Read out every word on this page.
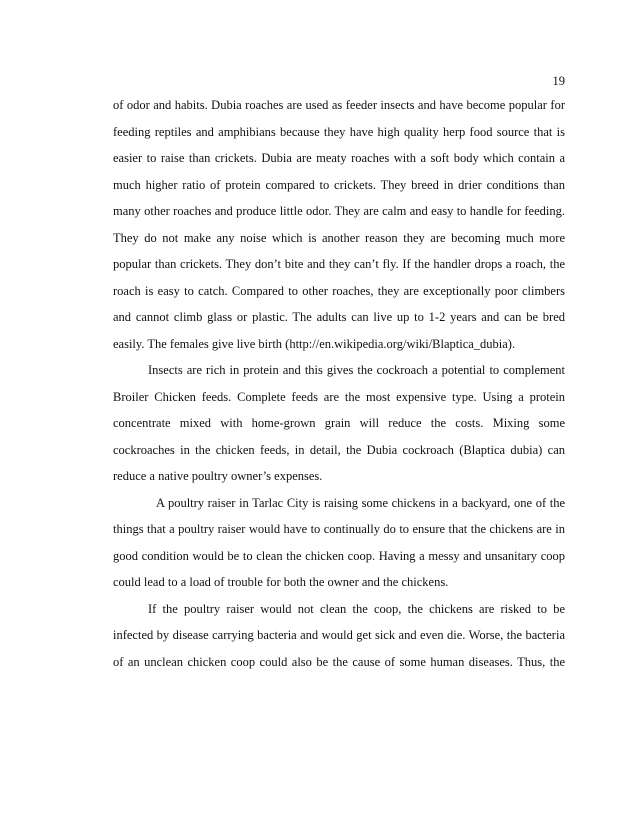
19
of odor and habits. Dubia roaches are used as feeder insects and have become popular for
feeding reptiles and amphibians because they have high quality herp food source that is
easier to raise than crickets. Dubia are meaty roaches with a soft body which contain a
much higher ratio of protein compared to crickets. They breed in drier conditions than
many other roaches and produce little odor. They are calm and easy to handle for feeding.
They do not make any noise which is another reason they are becoming much more
popular than crickets. They don’t bite and they can’t fly. If the handler drops a roach, the
roach is easy to catch. Compared to other roaches, they are exceptionally poor climbers
and cannot climb glass or plastic. The adults can live up to 1-2 years and can be bred
easily. The females give live birth (http://en.wikipedia.org/wiki/Blaptica_dubia).
Insects are rich in protein and this gives the cockroach a potential to complement
Broiler Chicken feeds. Complete feeds are the most expensive type. Using a protein
concentrate mixed with home-grown grain will reduce the costs. Mixing some
cockroaches in the chicken feeds, in detail, the Dubia cockroach (Blaptica dubia) can
reduce a native poultry owner’s expenses.
A poultry raiser in Tarlac City is raising some chickens in a backyard, one of the
things that a poultry raiser would have to continually do to ensure that the chickens are in
good condition would be to clean the chicken coop. Having a messy and unsanitary coop
could lead to a load of trouble for both the owner and the chickens.
If the poultry raiser would not clean the coop, the chickens are risked to be
infected by disease carrying bacteria and would get sick and even die. Worse, the bacteria
of an unclean chicken coop could also be the cause of some human diseases. Thus, the
